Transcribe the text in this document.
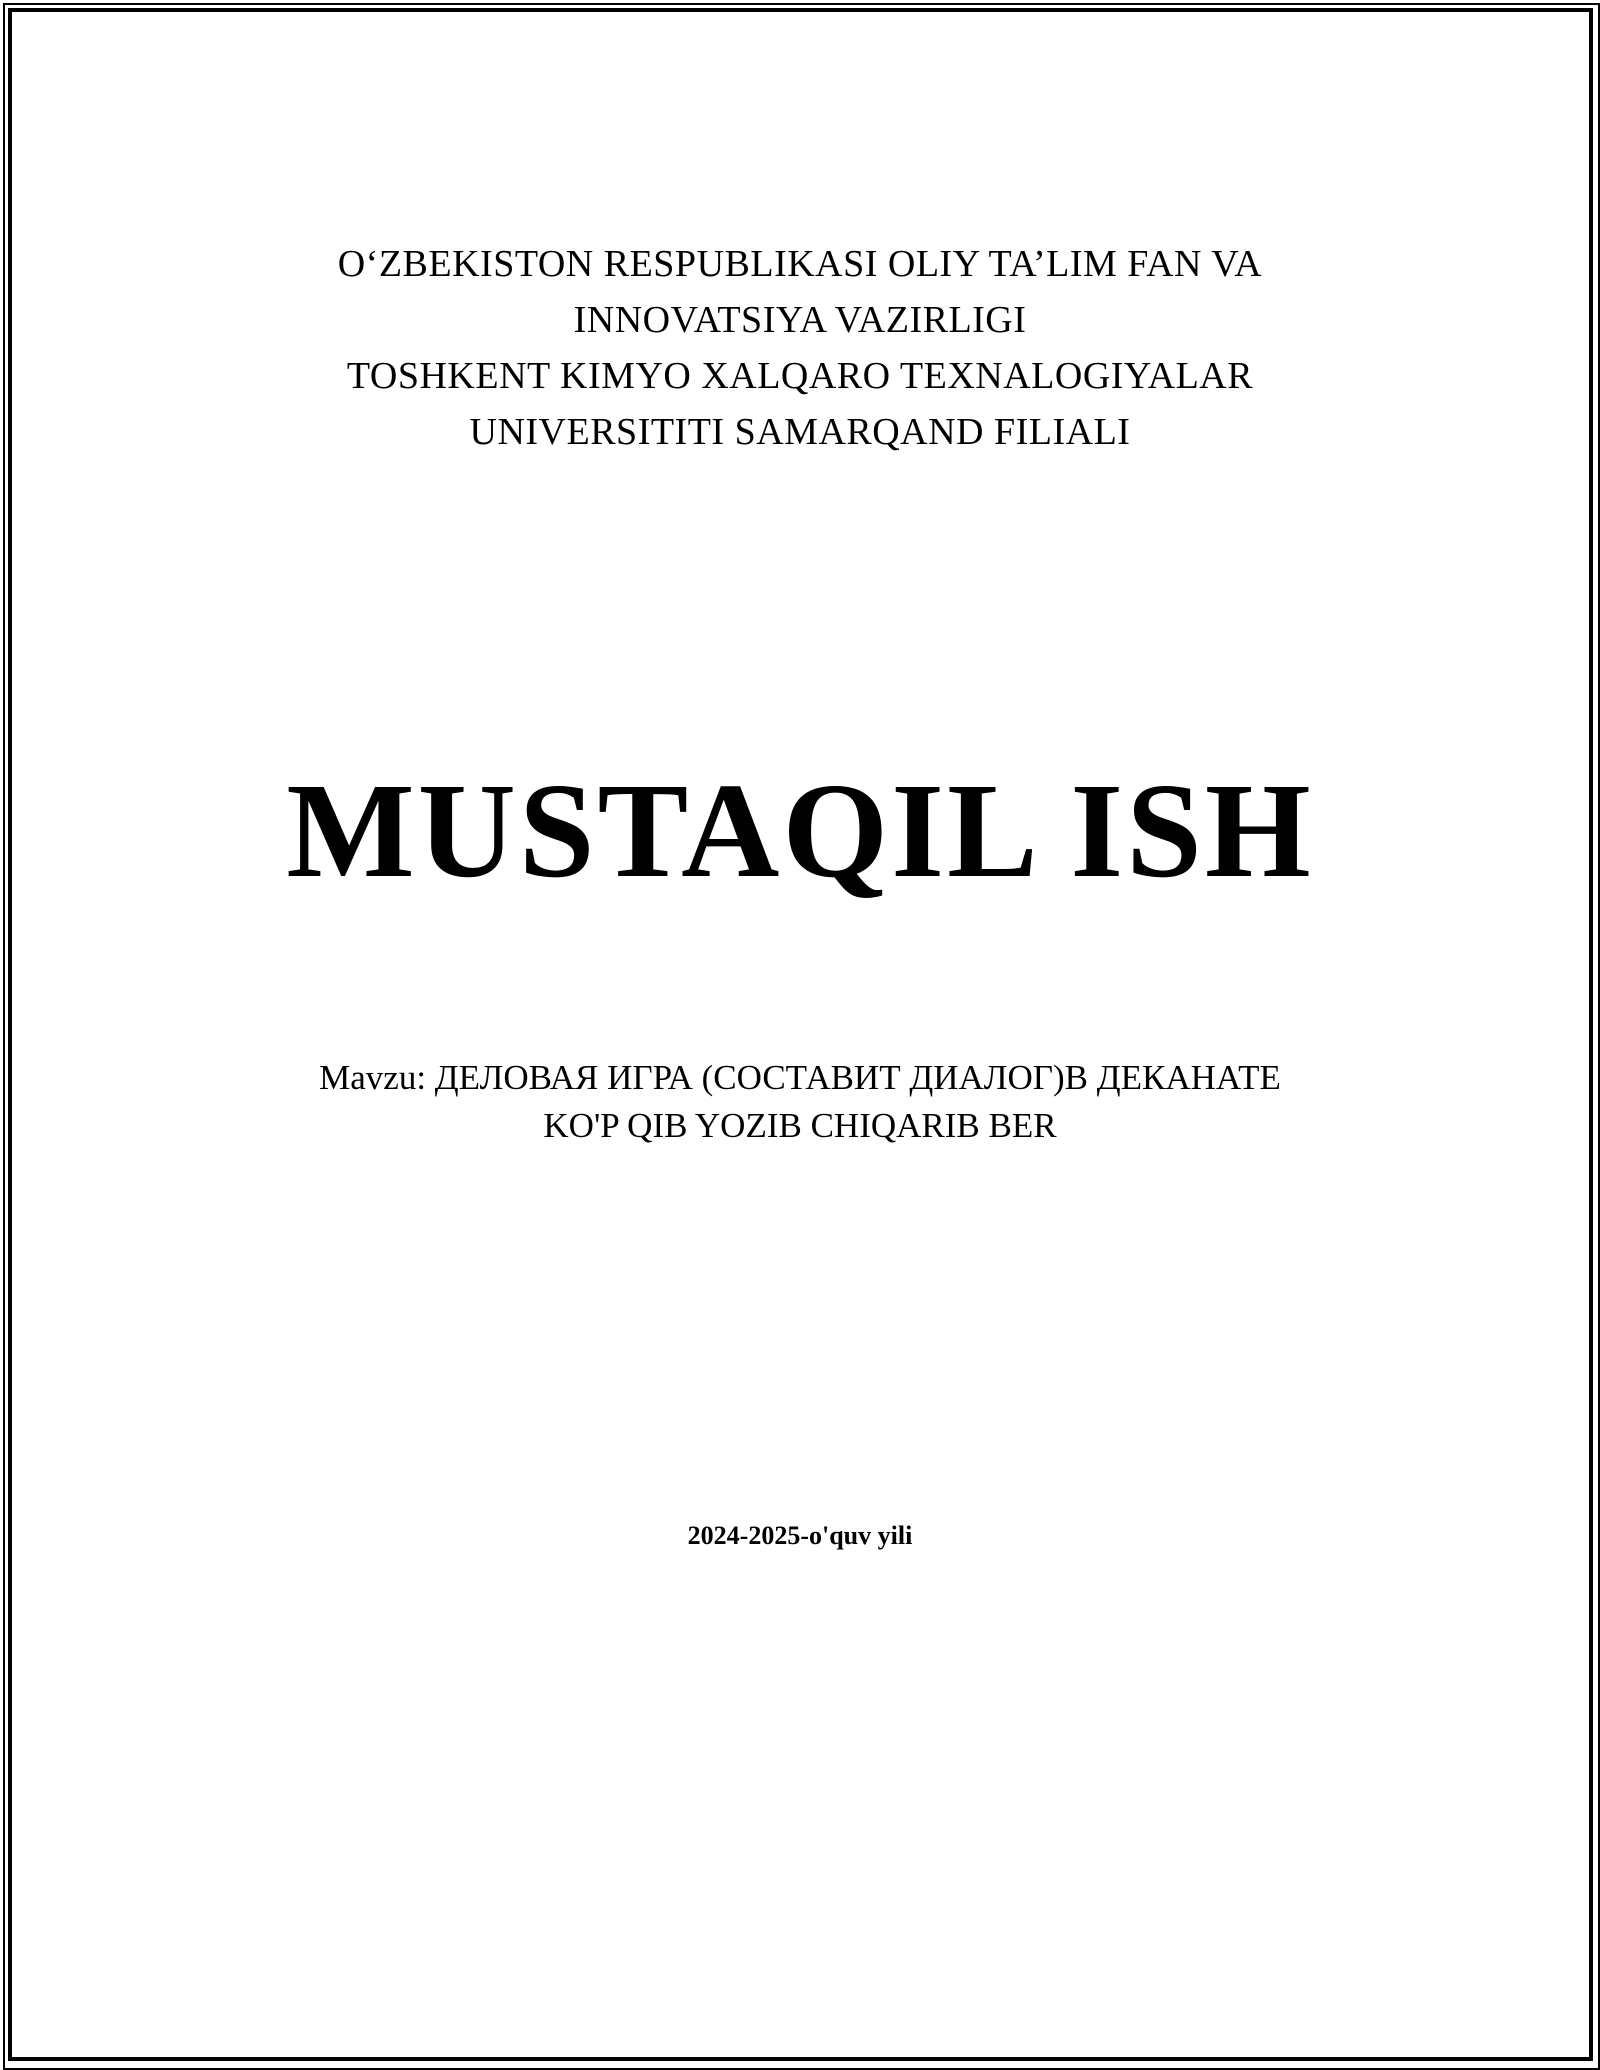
O‘ZBEKISTON RESPUBLIKASI OLIY TA’LIM FAN VA
INNOVATSIYA VAZIRLIGI
TOSHKENT KIMYO XALQARO TEXNALOGIYALAR
UNIVERSITITI SAMARQAND FILIALI
MUSTAQIL ISH
Mavzu: ДЕЛОВАЯ ИГРА (СОСТАВИТ ДИАЛОГ)В ДЕКАНАТЕ
KO'P QIB YOZIB CHIQARIB BER
2024-2025-o'quv yili
